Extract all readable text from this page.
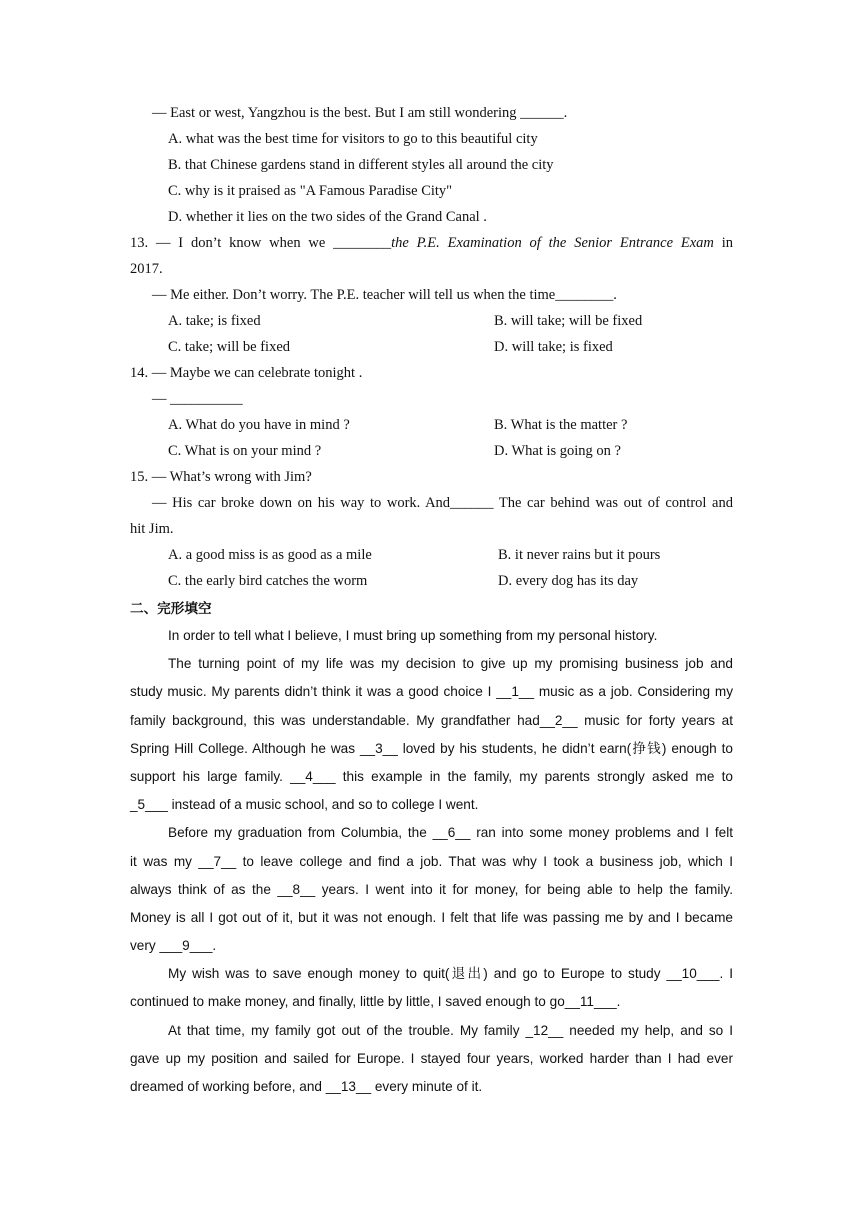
— East or west, Yangzhou is the best. But I am still wondering ______.
A. what was the best time for visitors to go to this beautiful city
B. that Chinese gardens stand in different styles all around the city
C. why is it praised as "A Famous Paradise City"
D. whether it lies on the two sides of the Grand Canal .
13. — I don’t know when we ________the P.E. Examination of the Senior Entrance Exam in
2017.
— Me either. Don’t worry. The P.E. teacher will tell us when the time________.
A. take; is fixed	B. will take; will be fixed
C. take; will be fixed	D. will take; is fixed
14. — Maybe we can celebrate tonight .
— __________
A. What do you have in mind ?	B. What is the matter ?
C. What is on your mind ?	D. What is going on ?
15. — What’s wrong with Jim?
— His car broke down on his way to work. And______ The car behind was out of control and
hit Jim.
A. a good miss is as good as a mile	B. it never rains but it pours
C. the early bird catches the worm	D. every dog has its day
二、完形填空
In order to tell what I believe, I must bring up something from my personal history.
The turning point of my life was my decision to give up my promising business job and
study music. My parents didn’t think it was a good choice I __1__ music as a job. Considering my
family background, this was understandable. My grandfather had__2__ music for forty years at
Spring Hill College. Although he was __3__ loved by his students, he didn’t earn(挣钱) enough to
support his large family. __4___ this example in the family, my parents strongly asked me to
_5___ instead of a music school, and so to college I went.
Before my graduation from Columbia, the __6__ ran into some money problems and I felt
it was my __7__ to leave college and find a job. That was why I took a business job, which I
always think of as the __8__ years. I went into it for money, for being able to help the family.
Money is all I got out of it, but it was not enough. I felt that life was passing me by and I became
very ___9___.
My wish was to save enough money to quit(退出) and go to Europe to study __10___. I
continued to make money, and finally, little by little, I saved enough to go__11___.
At that time, my family got out of the trouble. My family _12__ needed my help, and so I
gave up my position and sailed for Europe. I stayed four years, worked harder than I had ever
dreamed of working before, and __13__ every minute of it.
